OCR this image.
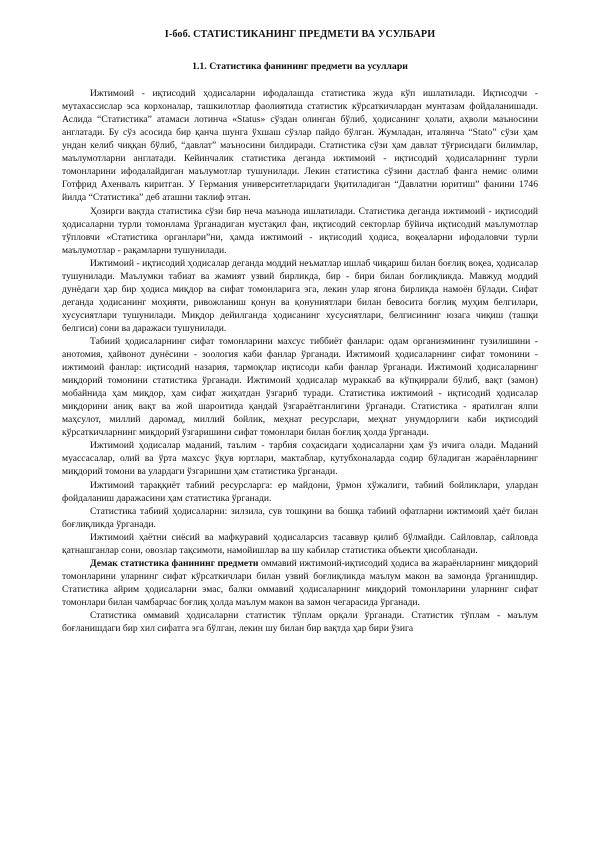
I-боб. СТАТИСТИКАНИНГ ПРЕДМЕТИ ВА УСУЛБАРИ
1.1. Статистика фанининг предмети ва усуллари

Ижтимоий - иқтисодий ҳодисаларни ифодалашда статистика жуда кўп ишлатилади. Иқтисодчи - мутахассислар эса корхоналар, ташкилотлар фаолиятида статистик кўрсаткичлардан мунтазам фойдаланишади. Аслида “Статистика” атамаси лотинча «Status» сўздан олинган бўлиб, ҳодисанинг ҳолати, аҳволи маъносини англатади. Бу сўз асосида бир қанча шунга ўхшаш сўзлар пайдо бўлган. Жумладан, италянча “Stato” сўзи ҳам ундан келиб чиққан бўлиб, “давлат” маъносини билдиради. Статистика сўзи ҳам давлат тўғрисидаги билимлар, маълумотларни англатади. Кейинчалик статистика деганда ижтимоий - иқтисодий ҳодисаларнинг турли томонларини ифодалайдиган маълумотлар тушунилади. Лекин статистика сўзини дастлаб фанга немис олими Готфрид Ахенвалъ киритган. У Германия университетларидаги ўқитиладиган “Давлатни юритиш” фанини 1746 йилда “Статистика” деб аташни таклиф этган.

Ҳозирги вақтда статистика сўзи бир неча маънода ишлатилади. Статистика деганда ижтимоий - иқтисодий ҳодисаларни турли томонлама ўрганадиган мустақил фан, иқтисодий секторлар бўйича иқтисодий маълумотлар тўпловчи «Статистика органлари”ни, ҳамда ижтимоий - иқтисодий ҳодиса, воқеаларни ифодаловчи турли маълумотлар - рақамларни тушунилади.

Ижтимоий - иқтисодий ҳодисалар деганда моддий неъматлар ишлаб чиқариш билан боғлиқ воқеа, ҳодисалар тушунилади. Маълумки табиат ва жамият узвий бирликда, бир - бири билан боғлиқликда. Мавжуд моддий дунёдаги ҳар бир ҳодиса миқдор ва сифат томонларига эга, лекин улар ягона бирликда намоён бўлади. Сифат деганда ҳодисанинг моҳияти, ривожланиш қонун ва қонуниятлари билан бевосита боғлиқ муҳим белгилари, хусусиятлари тушунилади. Миқдор дейилганда ҳодисанинг хусусиятлари, белгисининг юзага чиқиш (ташқи белгиси) сони ва даражаси тушунилади.

Табиий ҳодисаларнинг сифат томонларини махсус тиббиёт фанлари: одам организмининг тузилишини - анотомия, ҳайвонот дунёсини - зоология каби фанлар ўрганади. Ижтимоий ҳодисаларнинг сифат томонини - ижтимоий фанлар: иқтисодий назария, тармоқлар иқтисоди каби фанлар ўрганади. Ижтимоий ҳодисаларнинг миқдорий томонини статистика ўрганади. Ижтимоий ҳодисалар мураккаб ва кўпқиррали бўлиб, вақт (замон) мобайнида ҳам миқдор, ҳам сифат жиҳатдан ўзгариб туради. Статистика ижтимоий - иқтисодий ҳодисалар миқдорини аниқ вақт ва жой шароитида қандай ўзгараётганлигини ўрганади. Статистика - яратилган ялпи маҳсулот, миллий даромад, миллий бойлик, меҳнат ресурслари, меҳнат унумдорлиги каби иқтисодий кўрсаткичларнинг миқдорий ўзгаришини сифат томонлари билан боғлиқ ҳолда ўрганади.

Ижтимоий ҳодисалар маданий, таълим - тарбия соҳасидаги ҳодисаларни ҳам ўз ичига олади. Маданий муассасалар, олий ва ўрта махсус ўқув юртлари, мактаблар, кутубхоналарда содир бўладиган жараёнларнинг миқдорий томони ва улардаги ўзгаришни ҳам статистика ўрганади.

Ижтимоий тараққиёт табиий ресурсларга: ер майдони, ўрмон хўжалиги, табиий бойликлари, улардан фойдаланиш даражасини ҳам статистика ўрганади.

Статистика табиий ҳодисаларни: зилзила, сув тошқини ва бошқа табиий офатларни ижтимоий ҳаёт билан боғлиқликда ўрганади.

Ижтимоий ҳаётни сиёсий ва мафкуравий ҳодисаларсиз тасаввур қилиб бўлмайди. Сайловлар, сайловда қатнашганлар сони, овозлар тақсимоти, намойишлар ва шу кабилар статистика объекти ҳисобланади.

Демак статистика фанининг предмети оммавий ижтимоий-иқтисодий ҳодиса ва жараёнларнинг миқдорий томонларини уларнинг сифат кўрсаткичлари билан узвий боғлиқликда маълум макон ва замонда ўрганишдир. Статистика айрим ҳодисаларни эмас, балки оммавий ҳодисаларнинг миқдорий томонларини уларнинг сифат томонлари билан чамбарчас боғлиқ ҳолда маълум макон ва замон чегарасида ўрганади.

Статистика оммавий ҳодисаларни статистик тўплам орқали ўрганади. Статистик тўплам - маълум боғланишдаги бир хил сифатга эга бўлган, лекин шу билан бир вақтда ҳар бири ўзига
